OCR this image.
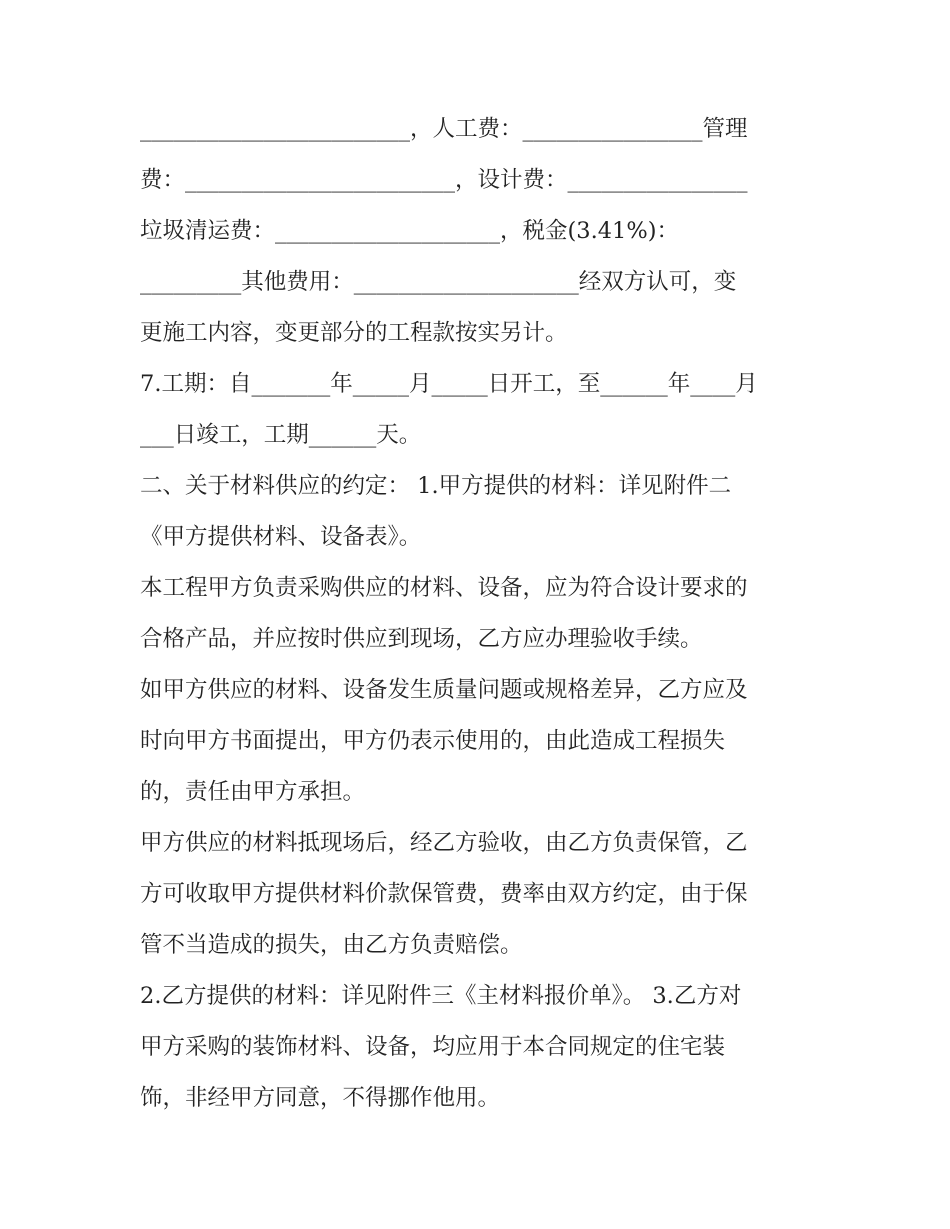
________________________，人工费：________________管理
费：________________________，设计费：________________
垃圾清运费：____________________，税金(3.41%)：
_________其他费用：____________________经双方认可，变
更施工内容，变更部分的工程款按实另计。
7.工期：自_______年_____月_____日开工，至______年____月
___日竣工，工期______天。
二、关于材料供应的约定： 1.甲方提供的材料：详见附件二
《甲方提供材料、设备表》。
本工程甲方负责采购供应的材料、设备，应为符合设计要求的
合格产品，并应按时供应到现场，乙方应办理验收手续。
如甲方供应的材料、设备发生质量问题或规格差异，乙方应及
时向甲方书面提出，甲方仍表示使用的，由此造成工程损失
的，责任由甲方承担。
甲方供应的材料抵现场后，经乙方验收，由乙方负责保管，乙
方可收取甲方提供材料价款保管费，费率由双方约定，由于保
管不当造成的损失，由乙方负责赔偿。
2.乙方提供的材料：详见附件三《主材料报价单》。 3.乙方对
甲方采购的装饰材料、设备，均应用于本合同规定的住宅装
饰，非经甲方同意，不得挪作他用。
